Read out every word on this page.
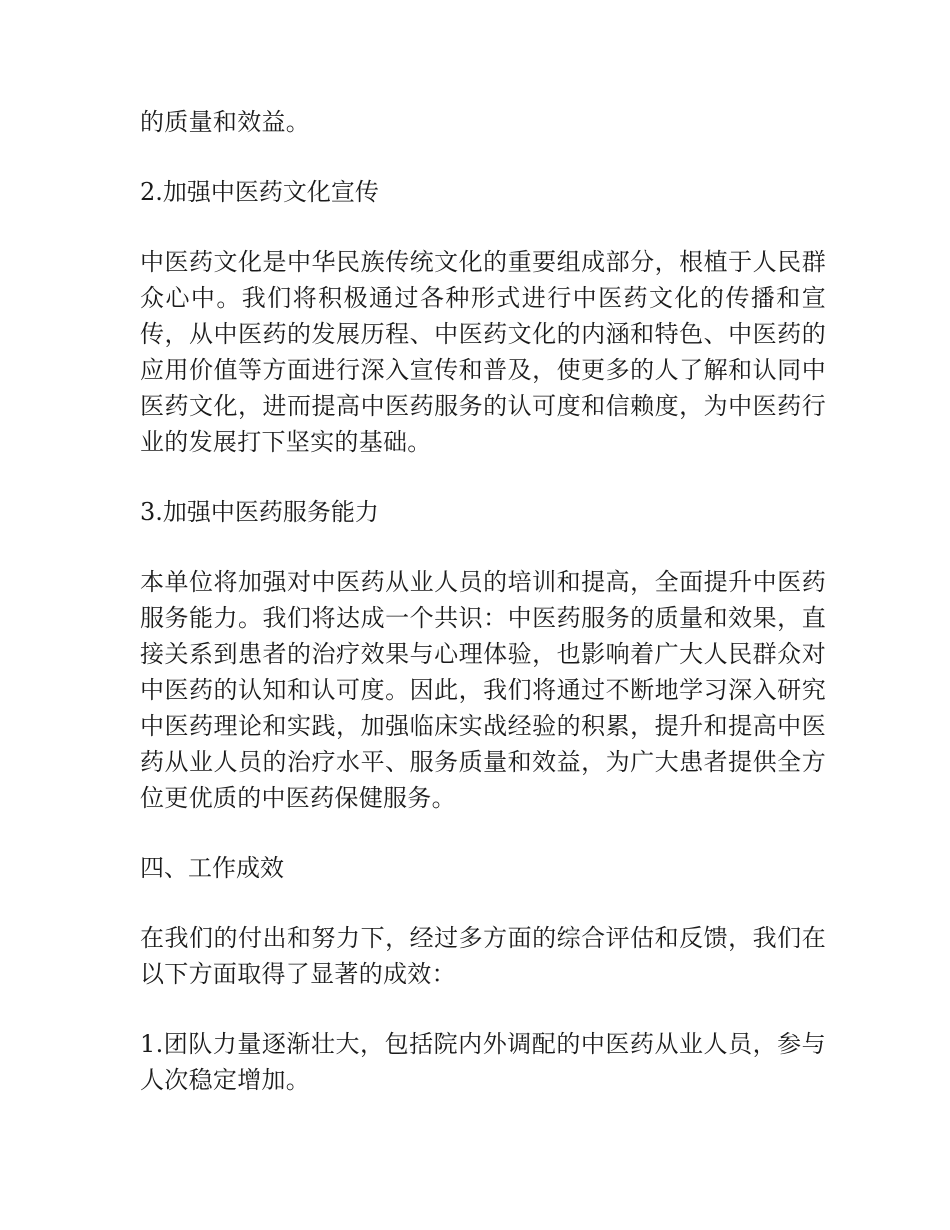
的质量和效益。

2.加强中医药文化宣传

中医药文化是中华民族传统文化的重要组成部分，根植于人民群众心中。我们将积极通过各种形式进行中医药文化的传播和宣传，从中医药的发展历程、中医药文化的内涵和特色、中医药的应用价值等方面进行深入宣传和普及，使更多的人了解和认同中医药文化，进而提高中医药服务的认可度和信赖度，为中医药行业的发展打下坚实的基础。

3.加强中医药服务能力

本单位将加强对中医药从业人员的培训和提高，全面提升中医药服务能力。我们将达成一个共识：中医药服务的质量和效果，直接关系到患者的治疗效果与心理体验，也影响着广大人民群众对中医药的认知和认可度。因此，我们将通过不断地学习深入研究中医药理论和实践，加强临床实战经验的积累，提升和提高中医药从业人员的治疗水平、服务质量和效益，为广大患者提供全方位更优质的中医药保健服务。

四、工作成效

在我们的付出和努力下，经过多方面的综合评估和反馈，我们在以下方面取得了显著的成效：

1.团队力量逐渐壮大，包括院内外调配的中医药从业人员，参与人次稳定增加。
